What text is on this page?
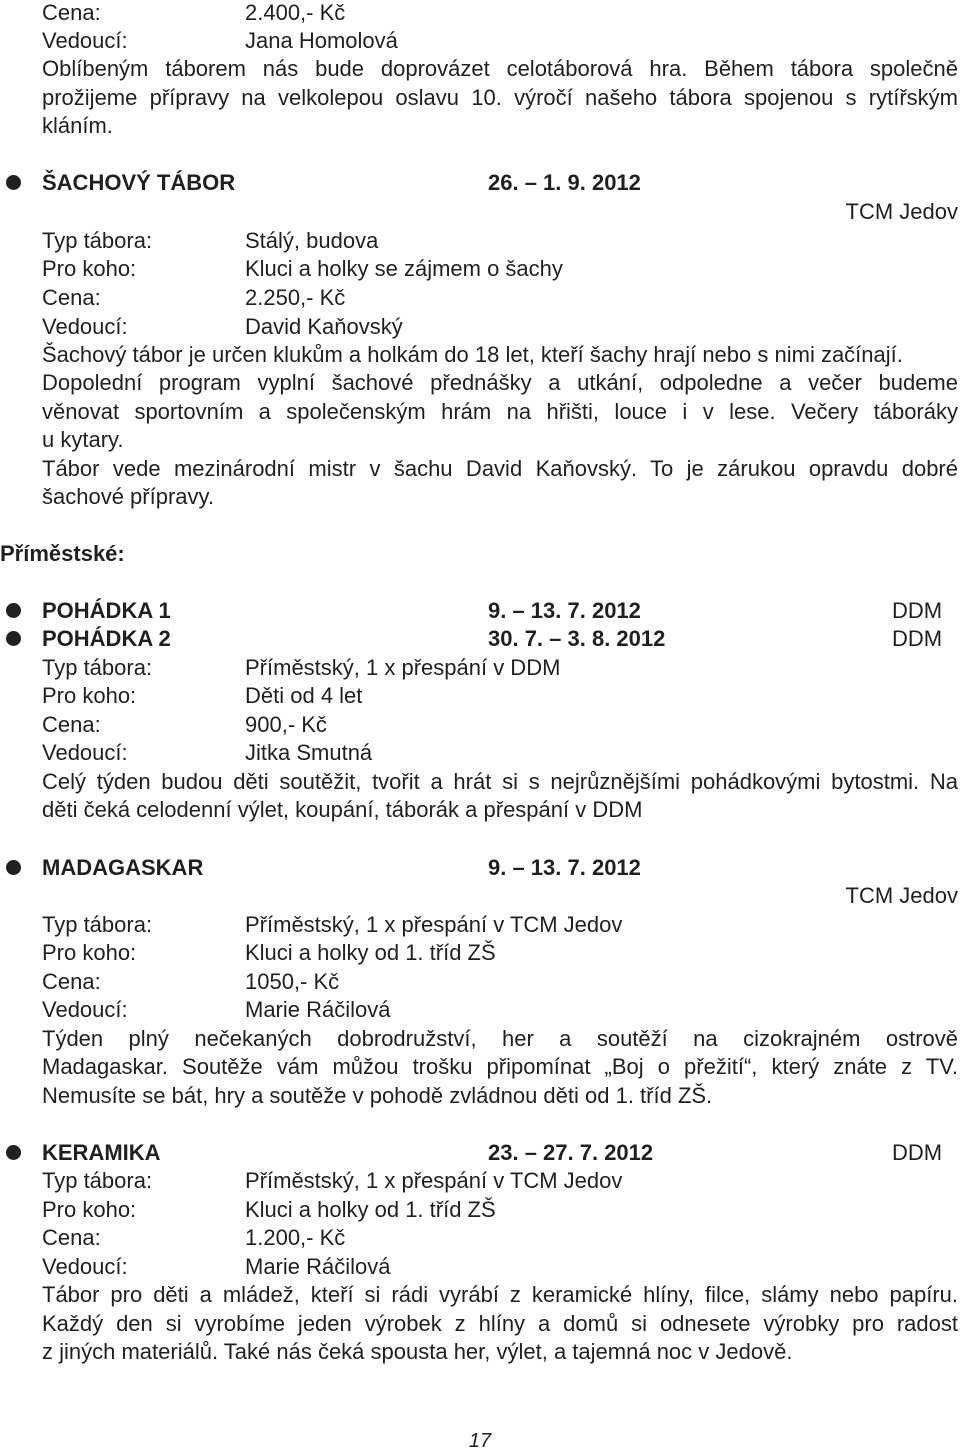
Cena:	2.400,- Kč
Vedoucí:	Jana Homolová
Oblíbeným táborem nás bude doprovázet celotáborová hra. Během tábora společně
prožijeme přípravy na velkolepou oslavu 10. výročí našeho tábora spojenou s rytířským
kláním.
ŠACHOVÝ TÁBOR	26. – 1. 9. 2012
TCM Jedov
Typ tábora:	Stálý, budova
Pro koho:	Kluci a holky se zájmem o šachy
Cena:	2.250,- Kč
Vedoucí:	David Kaňovský
Šachový tábor je určen klukům a holkám do 18 let, kteří šachy hrají nebo s nimi začínají.
Dopolední program vyplní šachové přednášky a utkání, odpoledne a večer budeme
věnovat sportovním a společenským hrám na hřišti, louce i v lese. Večery táboráky
u kytary.
Tábor vede mezinárodní mistr v šachu David Kaňovský. To je zárukou opravdu dobré
šachové přípravy.
Příměstské:
POHÁDKA 1	9. – 13. 7. 2012	DDM
POHÁDKA 2	30. 7. – 3. 8. 2012	DDM
Typ tábora:	Příměstský, 1 x přespání v DDM
Pro koho:	Děti od 4 let
Cena:	900,- Kč
Vedoucí:	Jitka Smutná
Celý týden budou děti soutěžit, tvořit a hrát si s nejrůznějšími pohádkovými bytostmi. Na
děti čeká celodenní výlet, koupání, táborák a přespání v DDM
MADAGASKAR	9. – 13. 7. 2012
TCM Jedov
Typ tábora:	Příměstský, 1 x přespání v TCM Jedov
Pro koho:	Kluci a holky od 1. tříd ZŠ
Cena:	1050,- Kč
Vedoucí:	Marie Ráčilová
Týden plný nečekaných dobrodružství, her a soutěží na cizokrajném ostrově
Madagaskar. Soutěže vám můžou trošku připomínat „Boj o přežití“, který znáte z TV.
Nemusíte se bát, hry a soutěže v pohodě zvládnou děti od 1. tříd ZŠ.
KERAMIKA	23. – 27. 7. 2012	DDM
Typ tábora:	Příměstský, 1 x přespání v TCM Jedov
Pro koho:	Kluci a holky od 1. tříd ZŠ
Cena:	1.200,- Kč
Vedoucí:	Marie Ráčilová
Tábor pro děti a mládež, kteří si rádi vyrábí z keramické hlíny, filce, slámy nebo papíru.
Každý den si vyrobíme jeden výrobek z hlíny a domů si odnesete výrobky pro radost
z jiných materiálů. Také nás čeká spousta her, výlet, a tajemná noc v Jedově.
17
